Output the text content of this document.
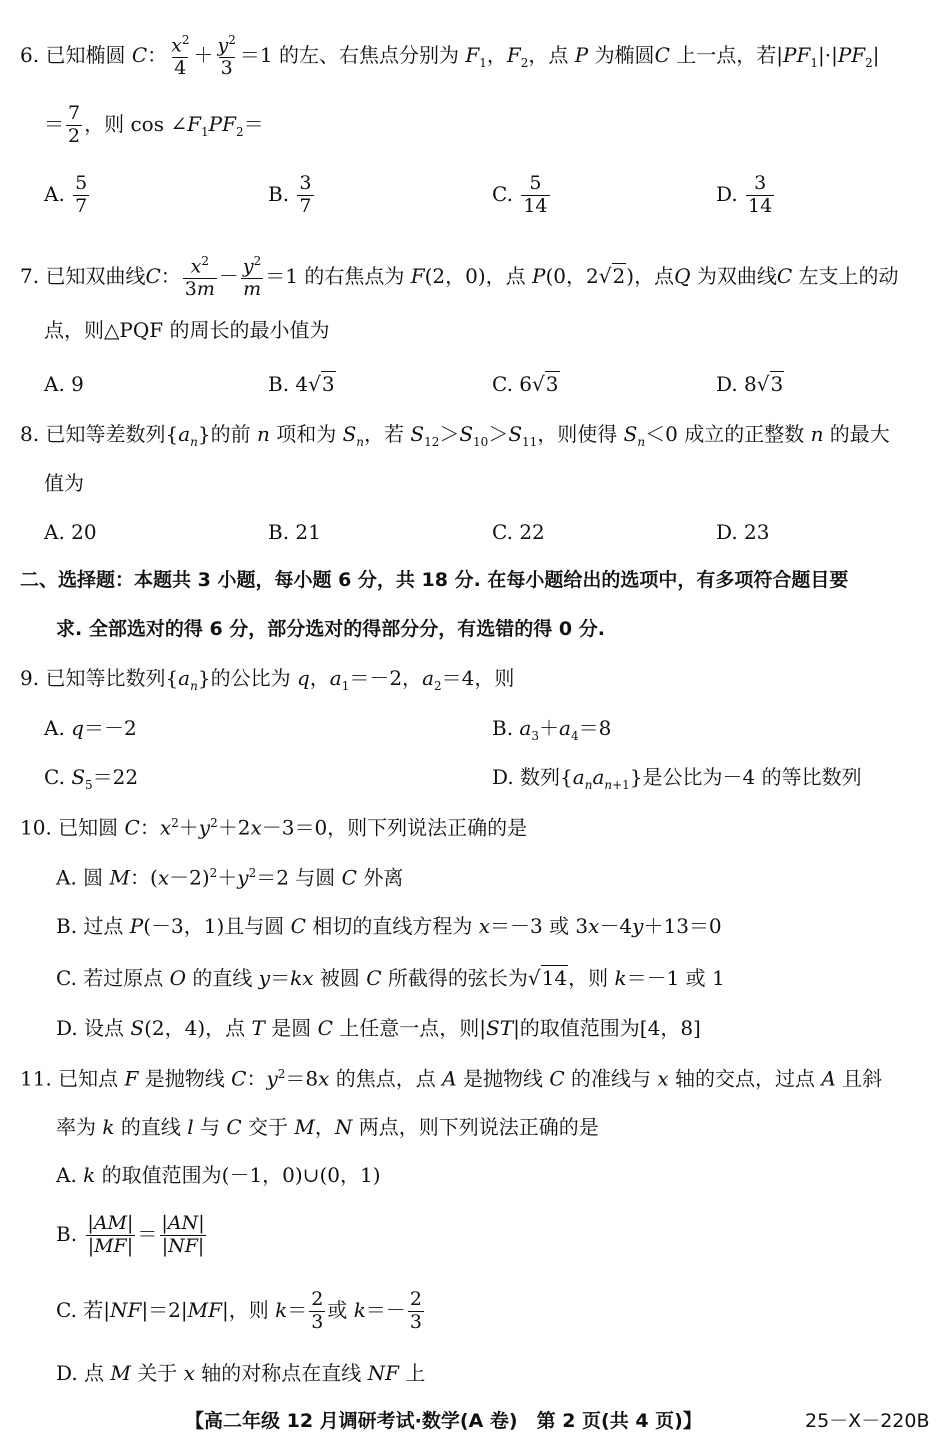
6. 已知椭圆 C： $\frac{x^2}{4} + \frac{y^2}{3} =1$ 的左、右焦点分别为 $F_1$，$F_2$，点 P 为椭圆C 上一点，若$|PF_1|\cdot|PF_2|$
＝ $\frac{7}{2}$ ，则 $\cos \angle F_1PF_2=$
A. $\frac{5}{7}$	B. $\frac{3}{7}$	C. $\frac{5}{14}$	D. $\frac{3}{14}$
7. 已知双曲线C： $\frac{x^2}{3m} - \frac{y^2}{m} =1$ 的右焦点为 F(2，0)，点 P(0，2√2)，点Q 为双曲线C 左支上的动
点，则△PQF 的周长的最小值为
A. 9	B. 4√3	C. 6√3	D. 8√3
8. 已知等差数列$\{a_n\}$的前 n 项和为 $S_n$，若 $S_{12}>S_{10}>S_{11}$，则使得 $S_n<0$ 成立的正整数 n 的最大
值为
A. 20	B. 21	C. 22	D. 23
二、选择题：本题共 3 小题，每小题 6 分，共 18 分. 在每小题给出的选项中，有多项符合题目要
求. 全部选对的得 6 分，部分选对的得部分分，有选错的得 0 分.
9. 已知等比数列$\{a_n\}$的公比为 q，$a_1=-2$，$a_2=4$，则
A. q＝－2	B. $a_3+a_4=8$
C. $S_5=22$	D. 数列$\{a_na_{n+1}\}$是公比为－4 的等比数列
10. 已知圆 C：$x^2+y^2+2x-3=0$，则下列说法正确的是
A. 圆 M：$(x-2)^2+y^2=2$ 与圆 C 外离
B. 过点 P(－3，1)且与圆 C 相切的直线方程为 x＝－3 或 3x－4y＋13＝0
C. 若过原点 O 的直线 y＝kx 被圆 C 所截得的弦长为√14，则 k＝－1 或 1
D. 设点 S(2，4)，点 T 是圆 C 上任意一点，则|ST|的取值范围为[4，8]
11. 已知点 F 是抛物线 C：$y^2=8x$ 的焦点，点 A 是抛物线 C 的准线与 x 轴的交点，过点 A 且斜
率为 k 的直线 l 与 C 交于 M，N 两点，则下列说法正确的是
A. k 的取值范围为(－1，0)∪(0，1)
B. $\frac{|AM|}{|MF|} = \frac{|AN|}{|NF|}$
C. 若|NF|＝2|MF|，则 $k= \frac{2}{3}$ 或 $k=- \frac{2}{3}$
D. 点 M 关于 x 轴的对称点在直线 NF 上
【高二年级 12 月调研考试·数学(A 卷)　第 2 页(共 4 页)】	25－X－220B
